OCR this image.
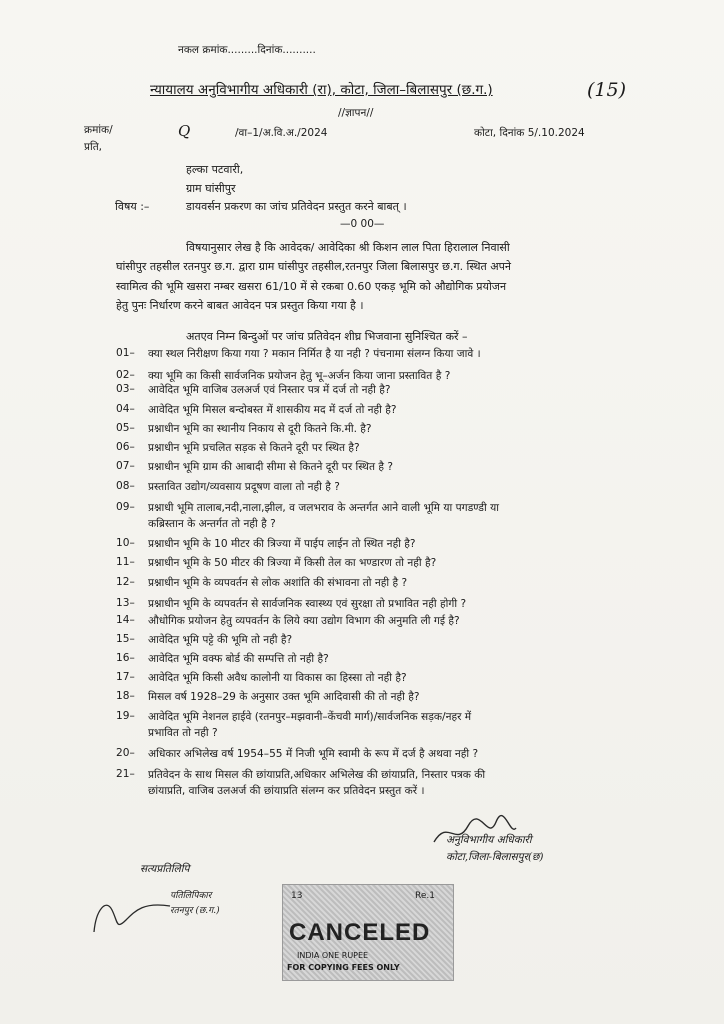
नकल क्रमांक.........दिनांक..........
(15)
न्यायालय अनुविभागीय अधिकारी (रा), कोटा, जिला–बिलासपुर (छ.ग.)
//ज्ञापन//
क्रमांक/
प्रति,
Q	/वा–1/अ.वि.अ./2024	कोटा, दिनांक 5/.10.2024
हल्का पटवारी,
ग्राम घांसीपुर
विषय :–	डायवर्सन प्रकरण का जांच प्रतिवेदन प्रस्तुत करने बाबत् ।
—0 00—
विषयानुसार लेख है कि आवेदक/ आवेदिका श्री किशन लाल पिता हिरालाल निवासी
घांसीपुर तहसील रतनपुर छ.ग. द्वारा ग्राम घांसीपुर तहसील,रतनपुर जिला बिलासपुर छ.ग. स्थित अपने
स्वामित्व की भूमि खसरा नम्बर खसरा 61/10 में से रकबा 0.60 एकड़ भूमि को औद्योगिक प्रयोजन
हेतु पुनः निर्धारण करने बाबत आवेदन पत्र प्रस्तुत किया गया है ।
अतएव निम्न बिन्दुओं पर जांच प्रतिवेदन शीघ्र भिजवाना सुनिश्चित करें –
01–	क्या स्थल निरीक्षण किया गया ? मकान निर्मित है या नही ? पंचनामा संलग्न किया जावे ।
02–	क्या भूमि का किसी सार्वजनिक प्रयोजन हेतु भू–अर्जन किया जाना प्रस्तावित है ?
03–	आवेदित भूमि वाजिब उलअर्ज एवं निस्तार पत्र में दर्ज तो नही है?
04–	आवेदित भूमि मिसल बन्दोबस्त में शासकीय मद में दर्ज तो नही है?
05–	प्रश्नाधीन भूमि का स्थानीय निकाय से दूरी कितने कि.मी. है?
06–	प्रश्नाधीन भूमि प्रचलित सड़क से कितने दूरी पर स्थित है?
07–	प्रश्नाधीन भूमि ग्राम की आबादी सीमा से कितने दूरी पर स्थित है ?
08–	प्रस्तावित उद्योग/व्यवसाय प्रदूषण वाला तो नही है ?
09–	प्रश्नाधी भूमि तालाब,नदी,नाला,झील, व जलभराव के अन्तर्गत आने वाली भूमि या पगडण्डी या
कब्रिस्तान के अन्तर्गत तो नही है ?
10–	प्रश्नाधीन भूमि के 10 मीटर की त्रिज्या में पाईप लाईन तो स्थित नही है?
11–	प्रश्नाधीन भूमि के 50 मीटर की त्रिज्या में किसी तेल का भण्डारण तो नही है?
12–	प्रश्नाधीन भूमि के व्यपवर्तन से लोक अशांति की संभावना तो नही है ?
13–	प्रश्नाधीन भूमि के व्यपवर्तन से सार्वजनिक स्वास्थ्य एवं सुरक्षा तो प्रभावित नही होगी ?
14–	औधोगिक प्रयोजन हेतु व्यपवर्तन के लिये क्या उद्योग विभाग की अनुमति ली गई है?
15–	आवेदित भूमि पट्टे की भूमि तो नही है?
16–	आवेदित भूमि वक्फ बोर्ड की सम्पत्ति तो नही है?
17–	आवेदित भूमि किसी अवैध कालोनी या विकास का हिस्सा तो नही है?
18–	मिसल वर्ष 1928–29 के अनुसार उक्त भूमि आदिवासी की तो नही है?
19–	आवेदित भूमि नेशनल हाईवे (रतनपुर–मझवानी–केंचवी मार्ग)/सार्वजनिक सड़क/नहर में
प्रभावित तो नही ?
20–	अधिकार अभिलेख वर्ष 1954–55 में निजी भूमि स्वामी के रूप में दर्ज है अथवा नही ?
21–	प्रतिवेदन के साथ मिसल की छांयाप्रति,अधिकार अभिलेख की छांयाप्रति, निस्तार पत्रक की
छांयाप्रति, वाजिब उलअर्ज की छांयाप्रति संलग्न कर प्रतिवेदन प्रस्तुत करें ।
अनुविभागीय अधिकारी
कोटा,जिला-बिलासपुर(छ)
सत्यप्रतिलिपि
पतिलिपिकार
रतनपुर (छ.ग.)
13	Re.1
CANCELED
INDIA ONE RUPEE
FOR COPYING FEES ONLY
